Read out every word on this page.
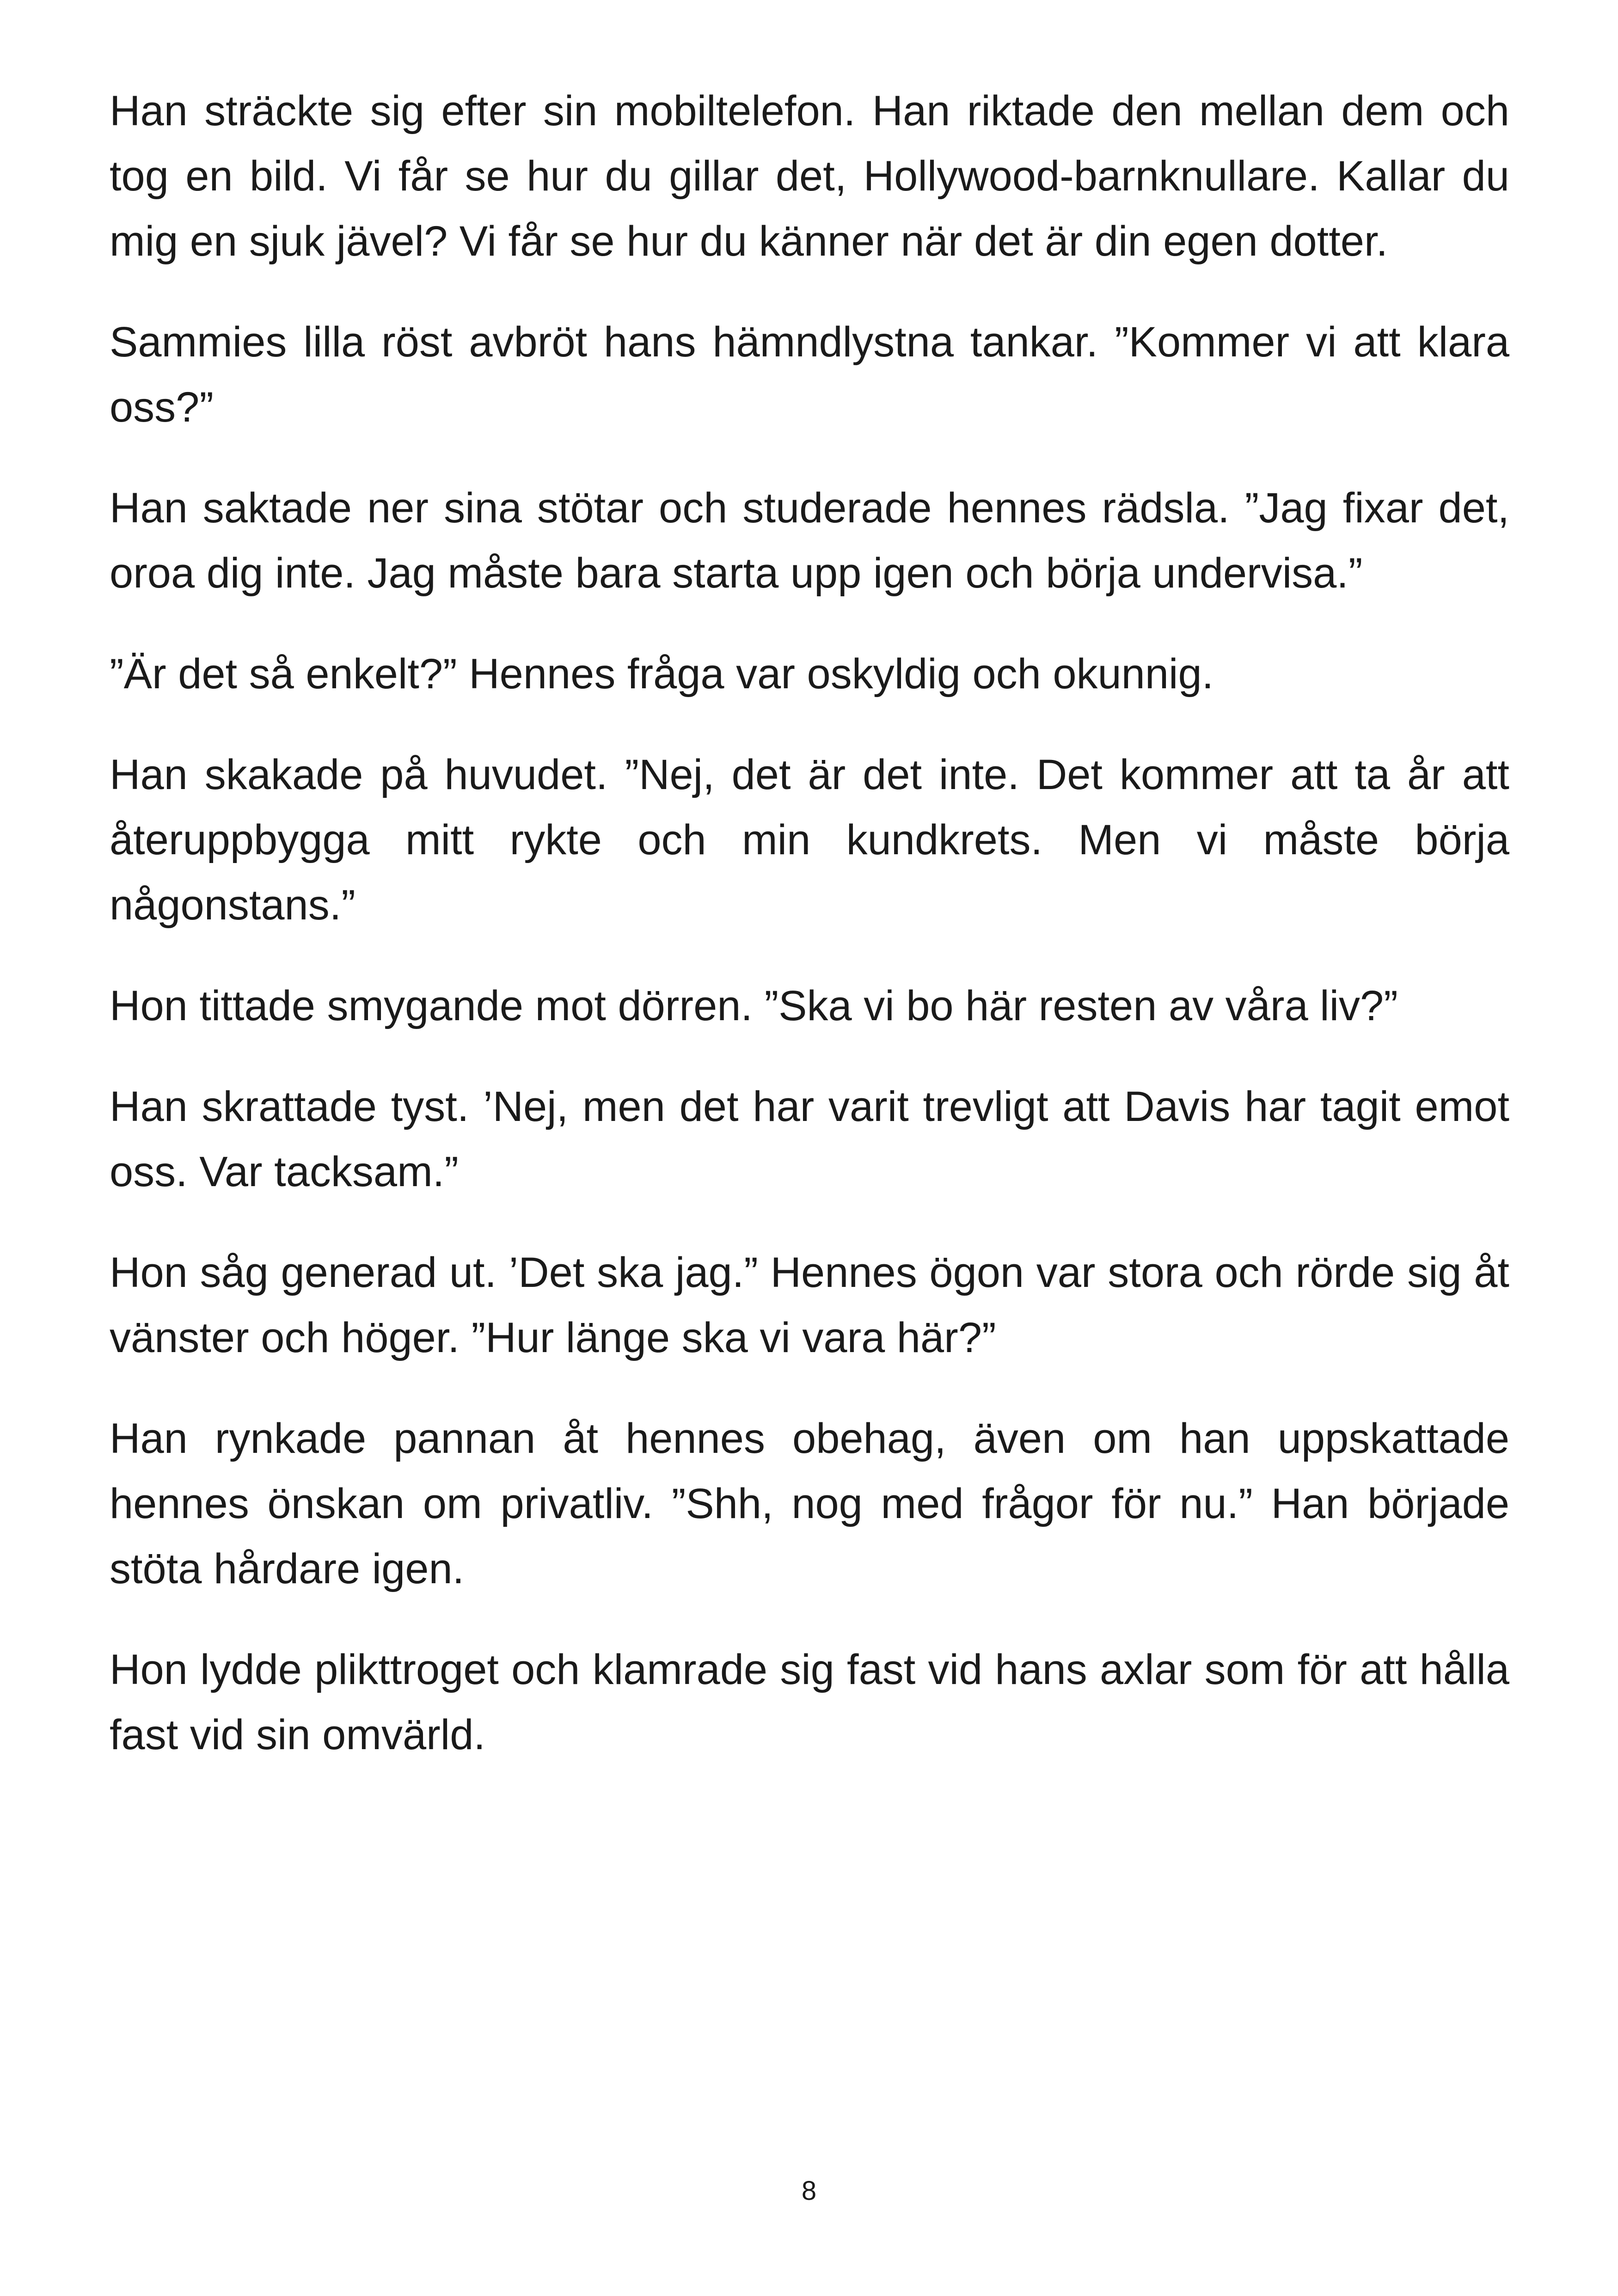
Han sträckte sig efter sin mobiltelefon. Han riktade den mellan dem och tog en bild. Vi får se hur du gillar det, Hollywood-barnknullare. Kallar du mig en sjuk jävel? Vi får se hur du känner när det är din egen dotter.

Sammies lilla röst avbröt hans hämndlystna tankar. ”Kommer vi att klara oss?”

Han saktade ner sina stötar och studerade hennes rädsla. ”Jag fixar det, oroa dig inte. Jag måste bara starta upp igen och börja undervisa.”

”Är det så enkelt?” Hennes fråga var oskyldig och okunnig.

Han skakade på huvudet. ”Nej, det är det inte. Det kommer att ta år att återuppbygga mitt rykte och min kundkrets. Men vi måste börja någonstans.”

Hon tittade smygande mot dörren. ”Ska vi bo här resten av våra liv?”

Han skrattade tyst. ’Nej, men det har varit trevligt att Davis har tagit emot oss. Var tacksam.”

Hon såg generad ut. ’Det ska jag.” Hennes ögon var stora och rörde sig åt vänster och höger. ”Hur länge ska vi vara här?”

Han rynkade pannan åt hennes obehag, även om han uppskattade hennes önskan om privatliv. ”Shh, nog med frågor för nu.” Han började stöta hårdare igen.

Hon lydde plikttroget och klamrade sig fast vid hans axlar som för att hålla fast vid sin omvärld.

8
